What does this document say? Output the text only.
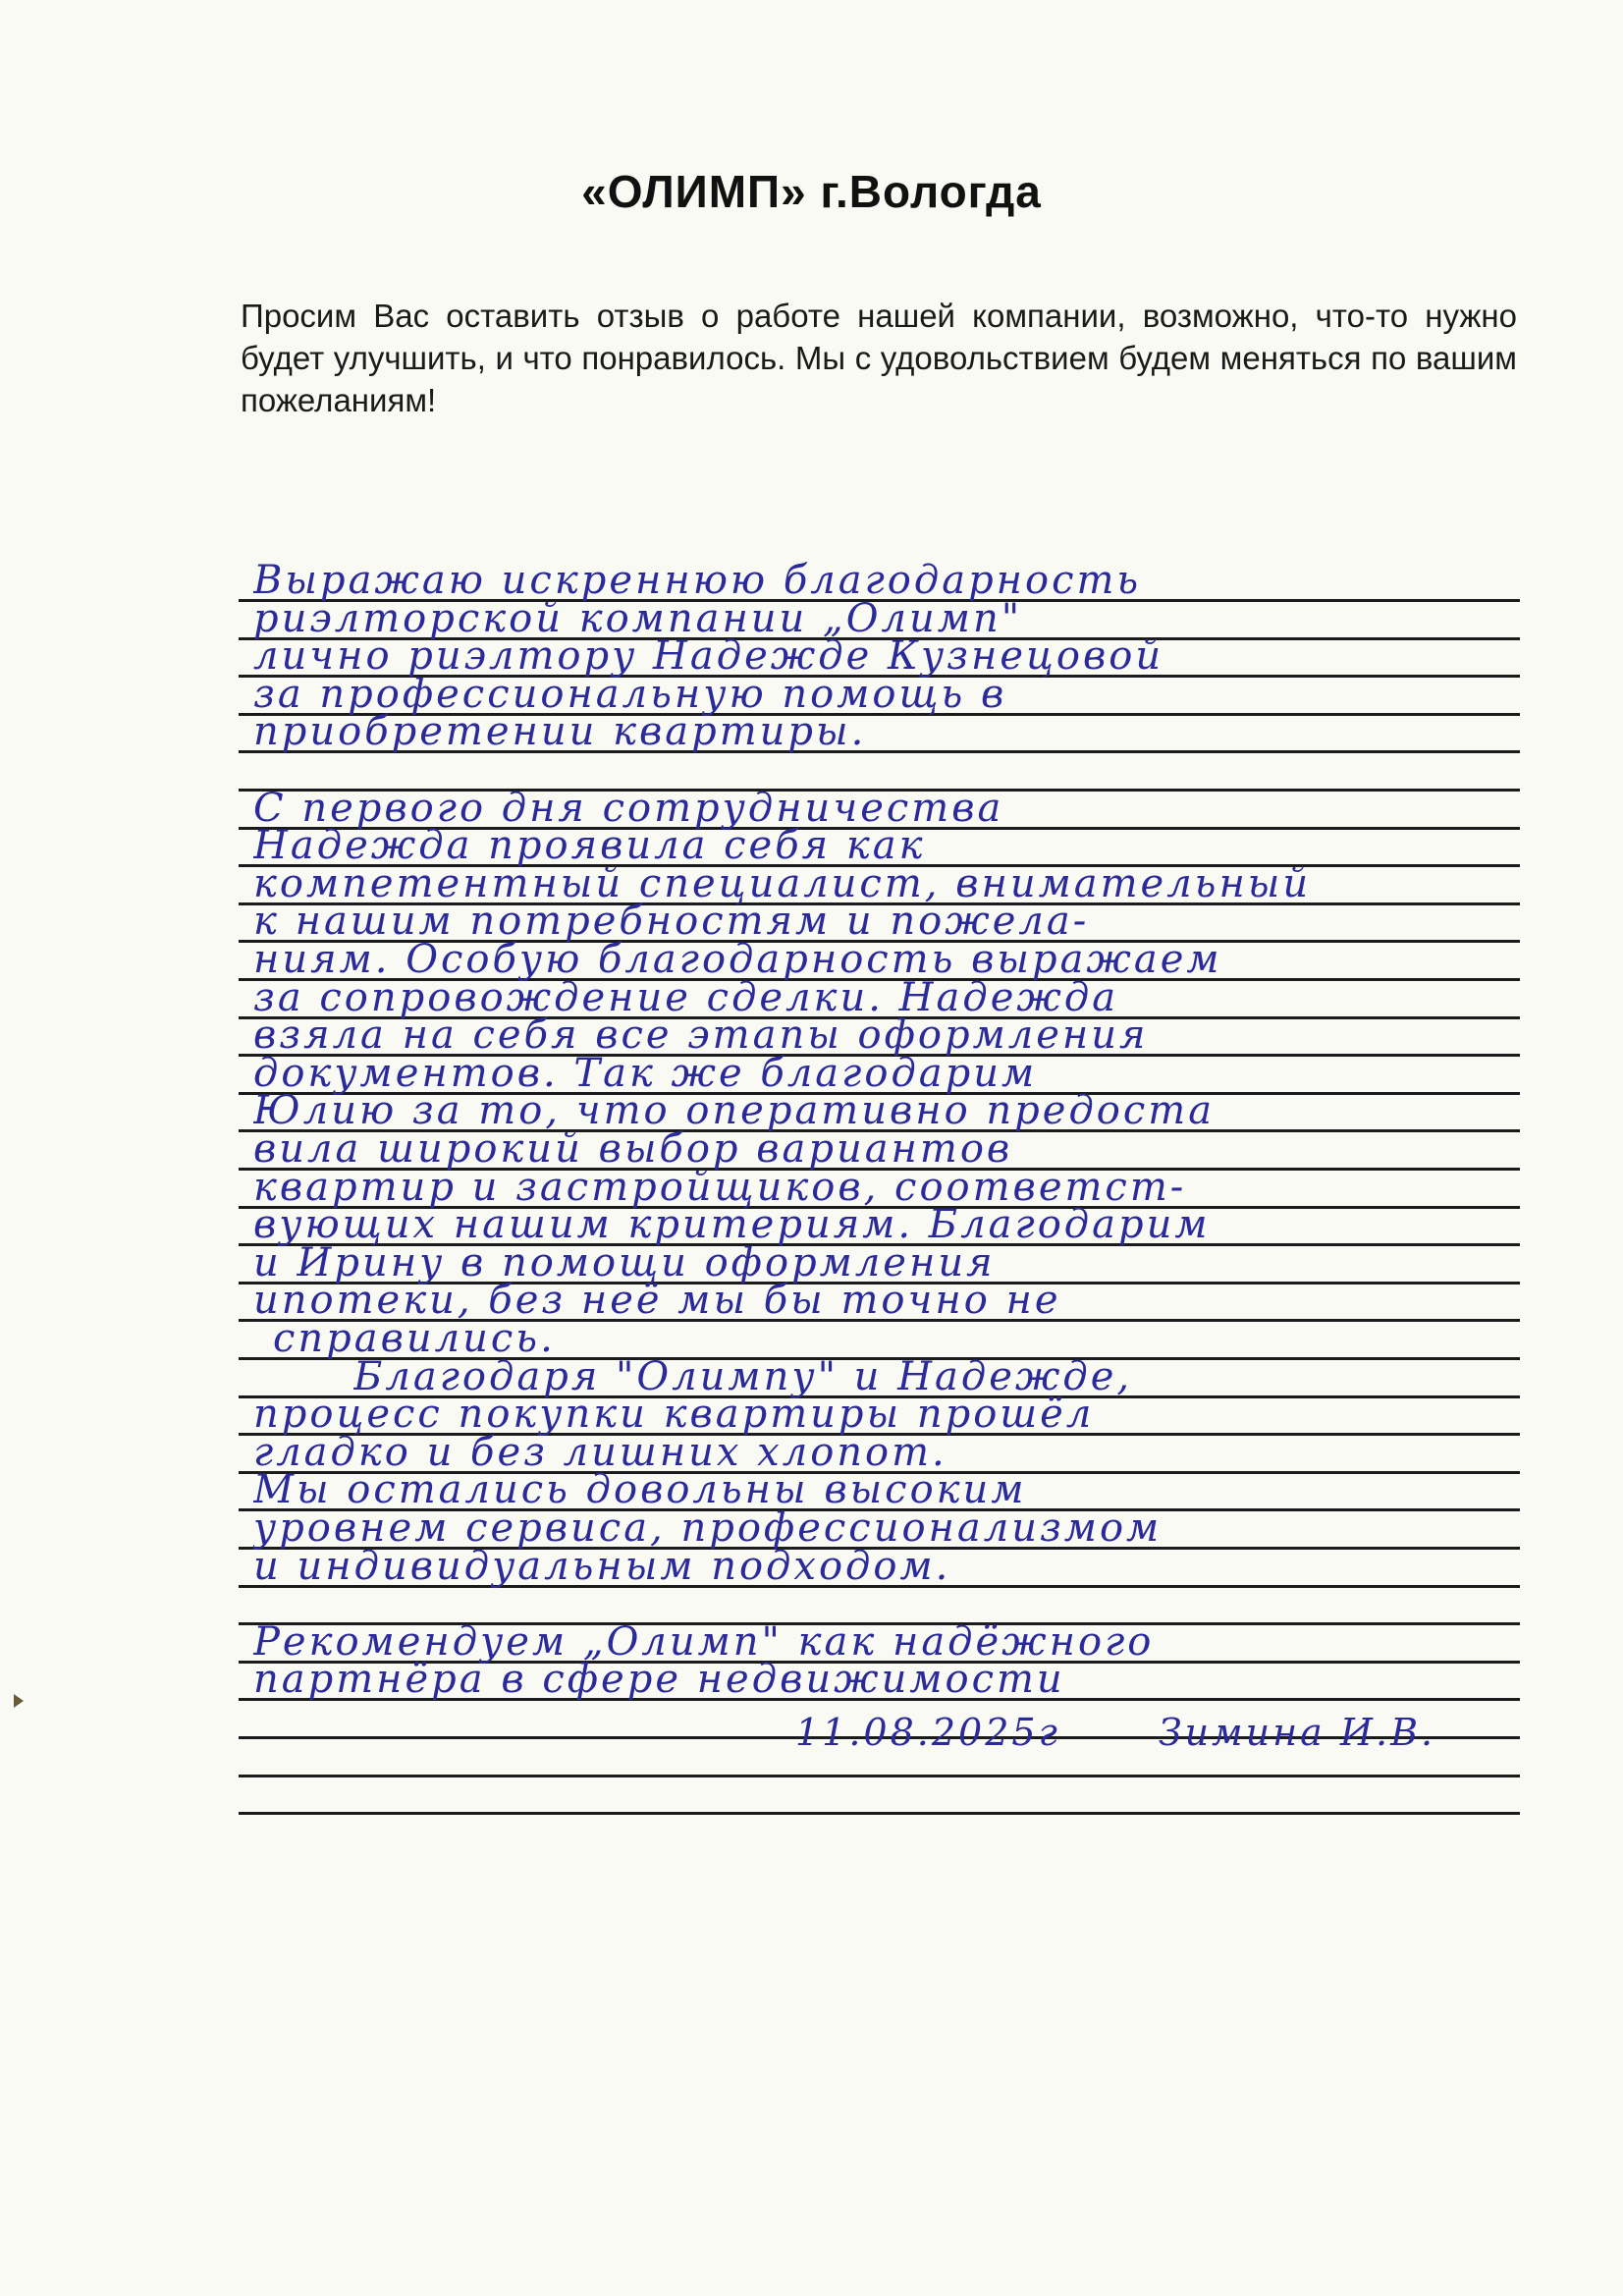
«ОЛИМП» г.Вологда
Просим Вас оставить отзыв о работе нашей компании, возможно, что-то нужно будет улучшить, и что понравилось. Мы с удовольствием будем меняться по вашим пожеланиям!
Выражаю искреннюю благодарность
риэлторской компании „Олимп"
лично риэлтору Надежде Кузнецовой
за профессиональную помощь в
приобретении квартиры.
С первого дня сотрудничества
Надежда проявила себя как
компетентный специалист, внимательный
к нашим потребностям и пожела-
ниям. Особую благодарность выражаем
за сопровождение сделки. Надежда
взяла на себя все этапы оформления
документов. Так же благодарим
Юлию за то, что оперативно предоста
вила широкий выбор вариантов
квартир и застройщиков, соответст-
вующих нашим критериям. Благодарим
и Ирину в помощи оформления
ипотеки, без неё мы бы точно не
справились.
Благодаря "Олимпу" и Надежде,
процесс покупки квартиры прошёл
гладко и без лишних хлопот.
Мы остались довольны высоким
уровнем сервиса, профессионализмом
и индивидуальным подходом.
Рекомендуем „Олимп" как надёжного
партнёра в сфере недвижимости
11.08.2025г	Зимина И.В.
